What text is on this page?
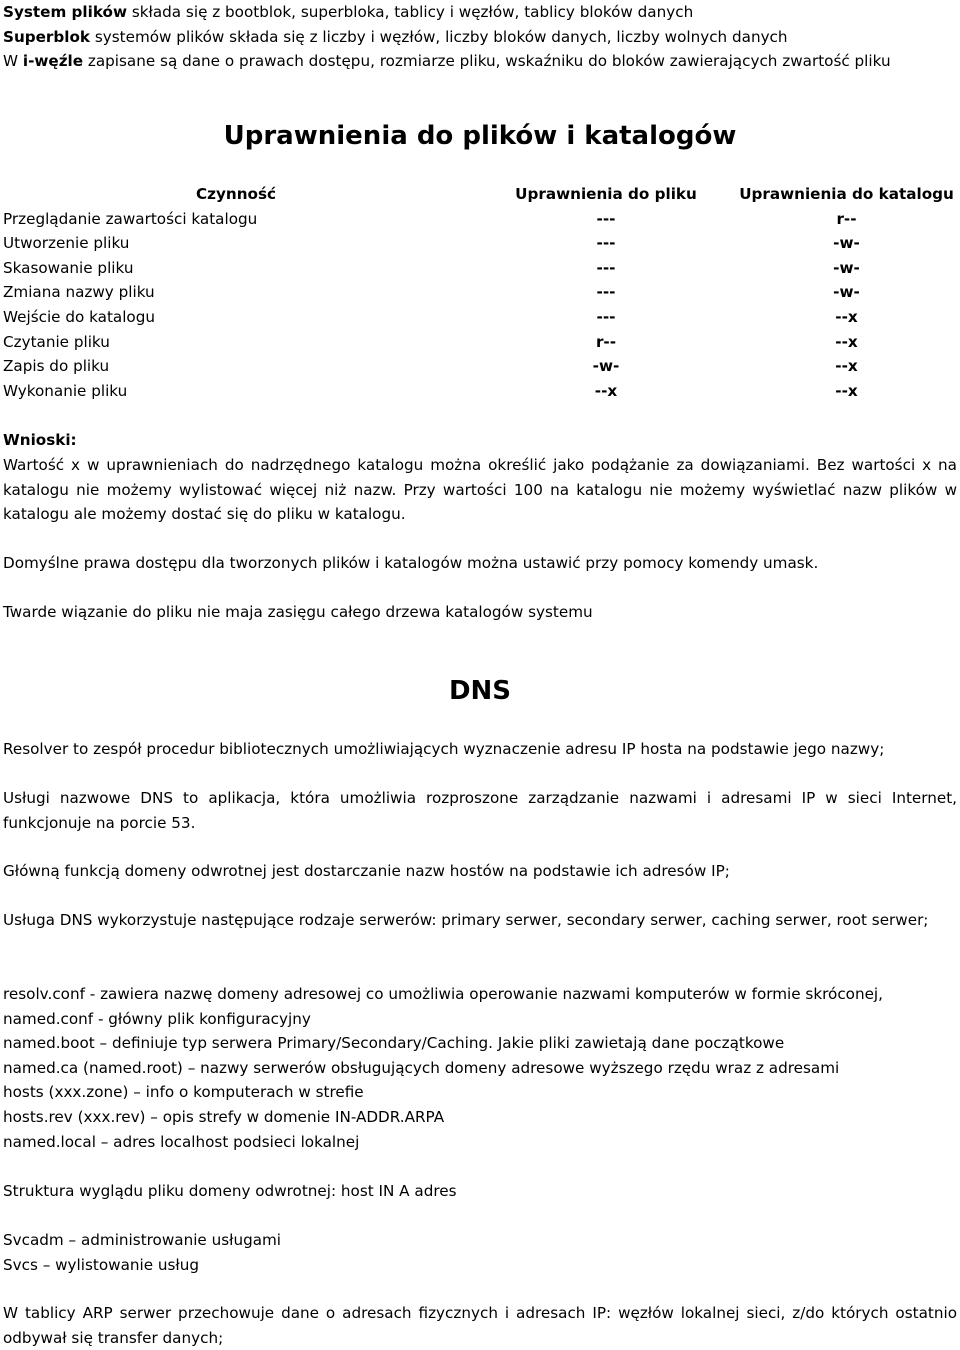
System plików składa się z bootblok, superbloka, tablicy i węzłów, tablicy bloków danych
Superblok systemów plików składa się z liczby i węzłów, liczby bloków danych, liczby wolnych danych
W i-węźle zapisane są dane o prawach dostępu, rozmiarze pliku, wskaźniku do bloków zawierających zwartość pliku
Uprawnienia do plików i katalogów
Czynność	Uprawnienia do pliku	Uprawnienia do katalogu
Przeglądanie zawartości katalogu	---	r--
Utworzenie pliku	---	-w-
Skasowanie pliku	---	-w-
Zmiana nazwy pliku	---	-w-
Wejście do katalogu	---	--x
Czytanie pliku	r--	--x
Zapis do pliku	-w-	--x
Wykonanie pliku	--x	--x
Wnioski:
Wartość x w uprawnieniach do nadrzędnego katalogu można określić jako podążanie za dowiązaniami. Bez wartości x na katalogu nie możemy wylistować więcej niż nazw. Przy wartości 100 na katalogu nie możemy wyświetlać nazw plików w katalogu ale możemy dostać się do pliku w katalogu.
Domyślne prawa dostępu dla tworzonych plików i katalogów można ustawić przy pomocy komendy umask.
Twarde wiązanie do pliku nie maja zasięgu całego drzewa katalogów systemu
DNS
Resolver to zespół procedur bibliotecznych umożliwiających wyznaczenie adresu IP hosta na podstawie jego nazwy;
Usługi nazwowe DNS to aplikacja, która umożliwia rozproszone zarządzanie nazwami i adresami IP w sieci Internet, funkcjonuje na porcie 53.
Główną funkcją domeny odwrotnej jest dostarczanie nazw hostów na podstawie ich adresów IP;
Usługa DNS wykorzystuje następujące rodzaje serwerów: primary serwer, secondary serwer, caching serwer, root serwer;
resolv.conf - zawiera nazwę domeny adresowej co umożliwia operowanie nazwami komputerów w formie skróconej,
named.conf - główny plik konfiguracyjny
named.boot – definiuje typ serwera Primary/Secondary/Caching. Jakie pliki zawietają dane początkowe
named.ca (named.root) – nazwy serwerów obsługujących domeny adresowe wyższego rzędu wraz z adresami
hosts (xxx.zone) – info o komputerach w strefie
hosts.rev (xxx.rev) – opis strefy w domenie IN-ADDR.ARPA
named.local – adres localhost podsieci lokalnej
Struktura wyglądu pliku domeny odwrotnej: host IN A adres
Svcadm – administrowanie usługami
Svcs – wylistowanie usług
W tablicy ARP serwer przechowuje dane o adresach fizycznych i adresach IP: węzłów lokalnej sieci, z/do których ostatnio odbywał się transfer danych;
